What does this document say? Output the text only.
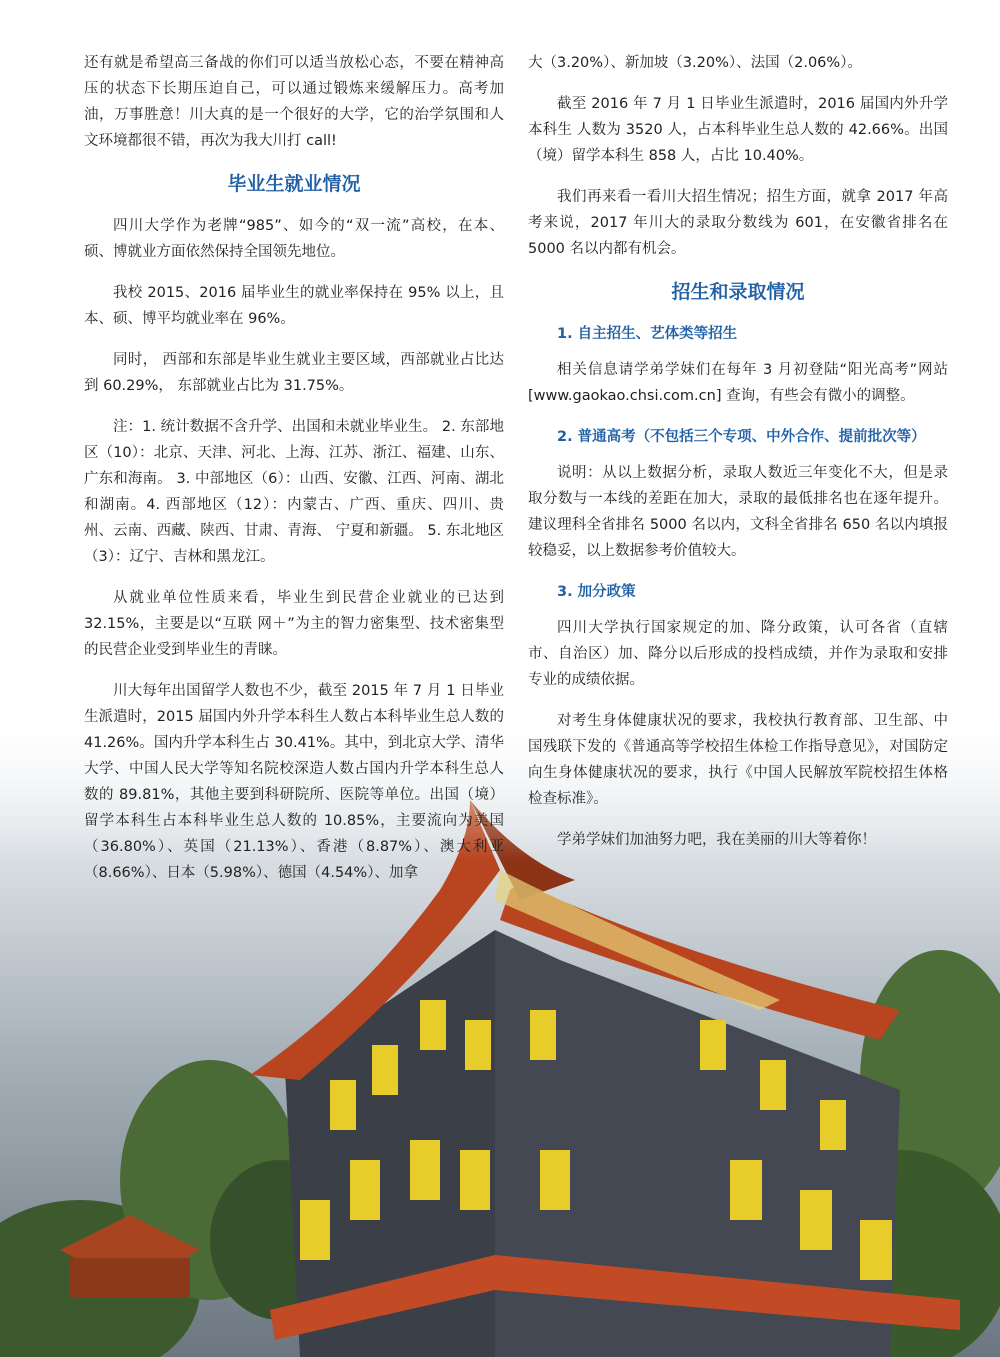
还有就是希望高三备战的你们可以适当放松心态，不要在精神高压的状态下长期压迫自己，可以通过锻炼来缓解压力。高考加油，万事胜意！川大真的是一个很好的大学，它的治学氛围和人文环境都很不错，再次为我大川打 call!

毕业生就业情况

四川大学作为老牌“985”、如今的“双一流”高校，在本、硕、博就业方面依然保持全国领先地位。

我校 2015、2016 届毕业生的就业率保持在 95% 以上，且本、硕、博平均就业率在 96%。

同时， 西部和东部是毕业生就业主要区域，西部就业占比达到 60.29%， 东部就业占比为 31.75%。

注：1. 统计数据不含升学、出国和未就业毕业生。 2. 东部地区（10）：北京、天津、河北、上海、江苏、浙江、福建、山东、广东和海南。 3. 中部地区（6）：山西、安徽、江西、河南、湖北和湖南。4. 西部地区（12）：内蒙古、广西、重庆、四川、贵州、云南、西藏、陕西、甘肃、青海、 宁夏和新疆。 5. 东北地区（3）：辽宁、吉林和黑龙江。

从就业单位性质来看，毕业生到民营企业就业的已达到 32.15%，主要是以“互联 网＋”为主的智力密集型、技术密集型的民营企业受到毕业生的青睐。

川大每年出国留学人数也不少，截至 2015 年 7 月 1 日毕业生派遣时，2015 届国内外升学本科生人数占本科毕业生总人数的 41.26%。国内升学本科生占 30.41%。其中，到北京大学、清华大学、中国人民大学等知名院校深造人数占国内升学本科生总人数的 89.81%，其他主要到科研院所、医院等单位。出国（境）留学本科生占本科毕业生总人数的 10.85%，主要流向为美国（36.80%）、英国（21.13%）、香港（8.87%）、澳大利亚（8.66%）、日本（5.98%）、德国（4.54%）、加拿

大（3.20%）、新加坡（3.20%）、法国（2.06%）。

截至 2016 年 7 月 1 日毕业生派遣时，2016 届国内外升学本科生 人数为 3520 人，占本科毕业生总人数的 42.66%。出国（境）留学本科生 858 人，占比 10.40%。

我们再来看一看川大招生情况；招生方面，就拿 2017 年高考来说，2017 年川大的录取分数线为 601，在安徽省排名在 5000 名以内都有机会。

招生和录取情况
1. 自主招生、艺体类等招生

相关信息请学弟学妹们在每年 3 月初登陆“阳光高考”网站 [www.gaokao.chsi.com.cn] 查询，有些会有微小的调整。

2. 普通高考（不包括三个专项、中外合作、提前批次等）

说明：从以上数据分析，录取人数近三年变化不大，但是录取分数与一本线的差距在加大，录取的最低排名也在逐年提升。建议理科全省排名 5000 名以内，文科全省排名 650 名以内填报较稳妥，以上数据参考价值较大。

3. 加分政策

四川大学执行国家规定的加、降分政策，认可各省（直辖市、自治区）加、降分以后形成的投档成绩，并作为录取和安排专业的成绩依据。

对考生身体健康状况的要求，我校执行教育部、卫生部、中国残联下发的《普通高等学校招生体检工作指导意见》，对国防定向生身体健康状况的要求，执行《中国人民解放军院校招生体格检查标准》。

学弟学妹们加油努力吧，我在美丽的川大等着你！
